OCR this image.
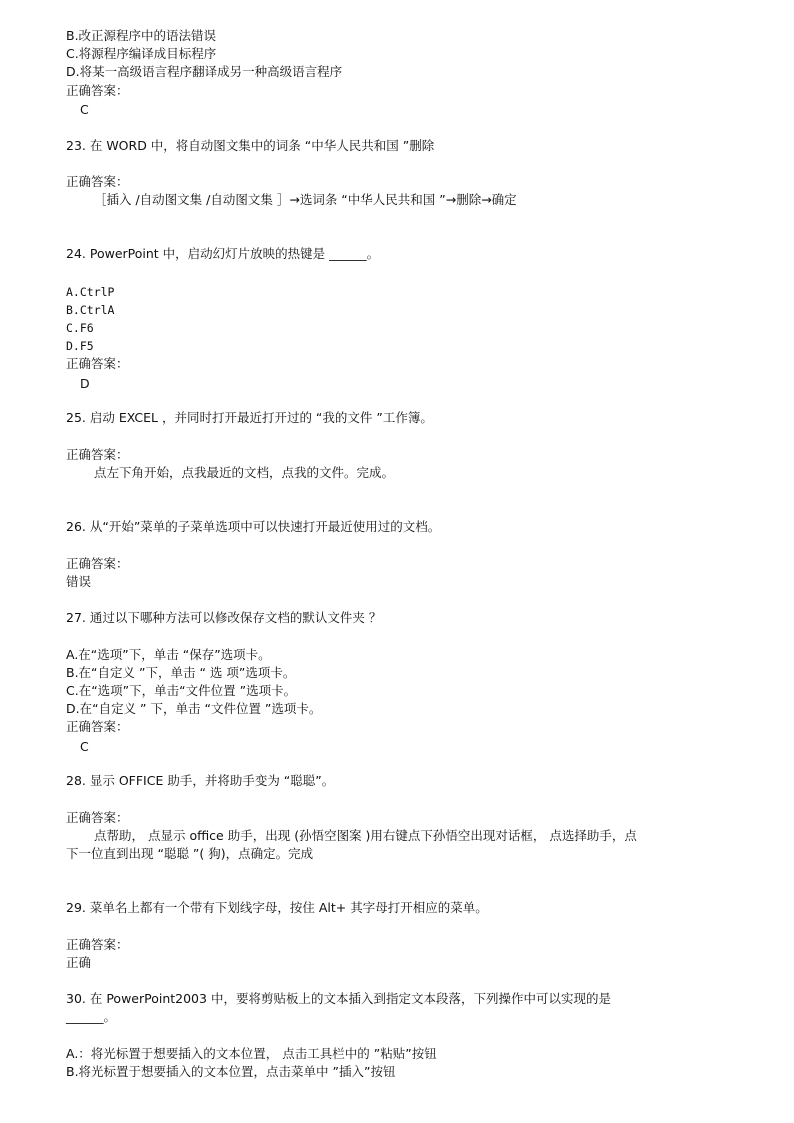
B.改正源程序中的语法错误
C.将源程序编译成目标程序
D.将某一高级语言程序翻译成另一种高级语言程序
正确答案：
C
23. 在 WORD 中，将自动图文集中的词条 “中华人民共和国 ”删除
正确答案：
［插入 /自动图文集 /自动图文集 ］→选词条 “中华人民共和国 ”→删除→确定
24. PowerPoint 中，启动幻灯片放映的热键是 ______。
A.CtrlP
B.CtrlA
C.F6
D.F5
正确答案：
D
25. 启动 EXCEL ，并同时打开最近打开过的 “我的文件 ”工作簿。
正确答案：
点左下角开始，点我最近的文档，点我的文件。完成。
26. 从“开始”菜单的子菜单选项中可以快速打开最近使用过的文档。
正确答案：
错误
27. 通过以下哪种方法可以修改保存文档的默认文件夹 ？
A.在“选项”下，单击 “保存”选项卡。
B.在“自定义 ”下，单击 “ 选 项”选项卡。
C.在“选项”下，单击“文件位置 ”选项卡。
D.在“自定义 ” 下，单击 “文件位置 ”选项卡。
正确答案：
C
28. 显示 OFFICE 助手，并将助手变为 “聪聪”。
正确答案：
点帮助， 点显示 office 助手，出现 (孙悟空图案 )用右键点下孙悟空出现对话框， 点选择助手，点
下一位直到出现 “聪聪 ”( 狗)，点确定。完成
29. 菜单名上都有一个带有下划线字母，按住 Alt+ 其字母打开相应的菜单。
正确答案：
正确
30. 在 PowerPoint2003 中，要将剪贴板上的文本插入到指定文本段落，下列操作中可以实现的是
______。
A.：将光标置于想要插入的文本位置， 点击工具栏中的 ”粘贴”按钮
B.将光标置于想要插入的文本位置，点击菜单中 ”插入”按钮
